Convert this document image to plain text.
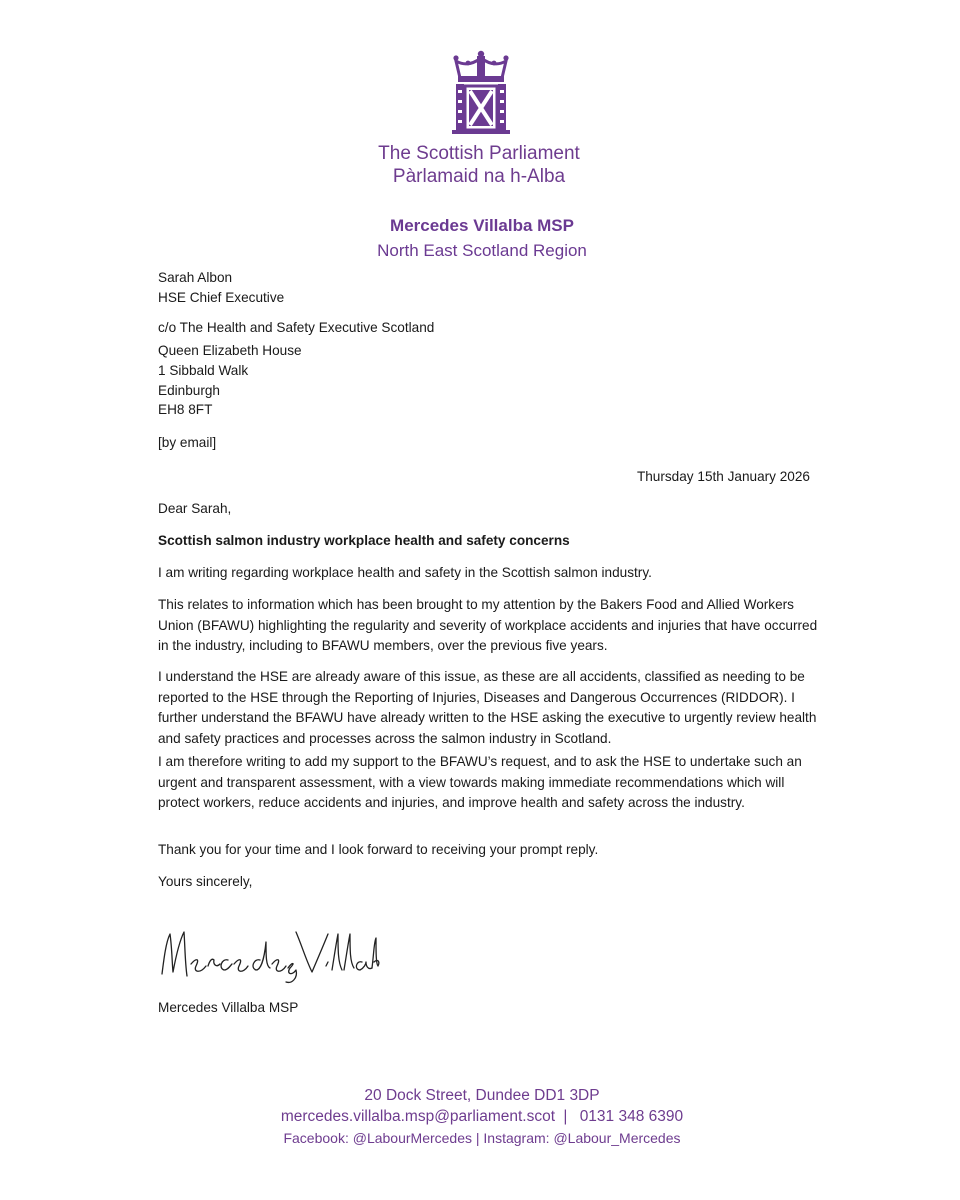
The Scottish Parliament
Pàrlamaid na h-Alba
Mercedes Villalba MSP
North East Scotland Region
Sarah Albon
HSE Chief Executive
c/o The Health and Safety Executive Scotland
Queen Elizabeth House
1 Sibbald Walk
Edinburgh
EH8 8FT
[by email]
Thursday 15th January 2026
Dear Sarah,
Scottish salmon industry workplace health and safety concerns
I am writing regarding workplace health and safety in the Scottish salmon industry.
This relates to information which has been brought to my attention by the Bakers Food and Allied Workers Union (BFAWU) highlighting the regularity and severity of workplace accidents and injuries that have occurred in the industry, including to BFAWU members, over the previous five years.
I understand the HSE are already aware of this issue, as these are all accidents, classified as needing to be reported to the HSE through the Reporting of Injuries, Diseases and Dangerous Occurrences (RIDDOR). I further understand the BFAWU have already written to the HSE asking the executive to urgently review health and safety practices and processes across the salmon industry in Scotland.
I am therefore writing to add my support to the BFAWU’s request, and to ask the HSE to undertake such an urgent and transparent assessment, with a view towards making immediate recommendations which will protect workers, reduce accidents and injuries, and improve health and safety across the industry.
Thank you for your time and I look forward to receiving your prompt reply.
Yours sincerely,
Mercedes Villalba MSP
20 Dock Street, Dundee DD1 3DP
mercedes.villalba.msp@parliament.scot | 0131 348 6390
Facebook: @LabourMercedes | Instagram: @Labour_Mercedes
